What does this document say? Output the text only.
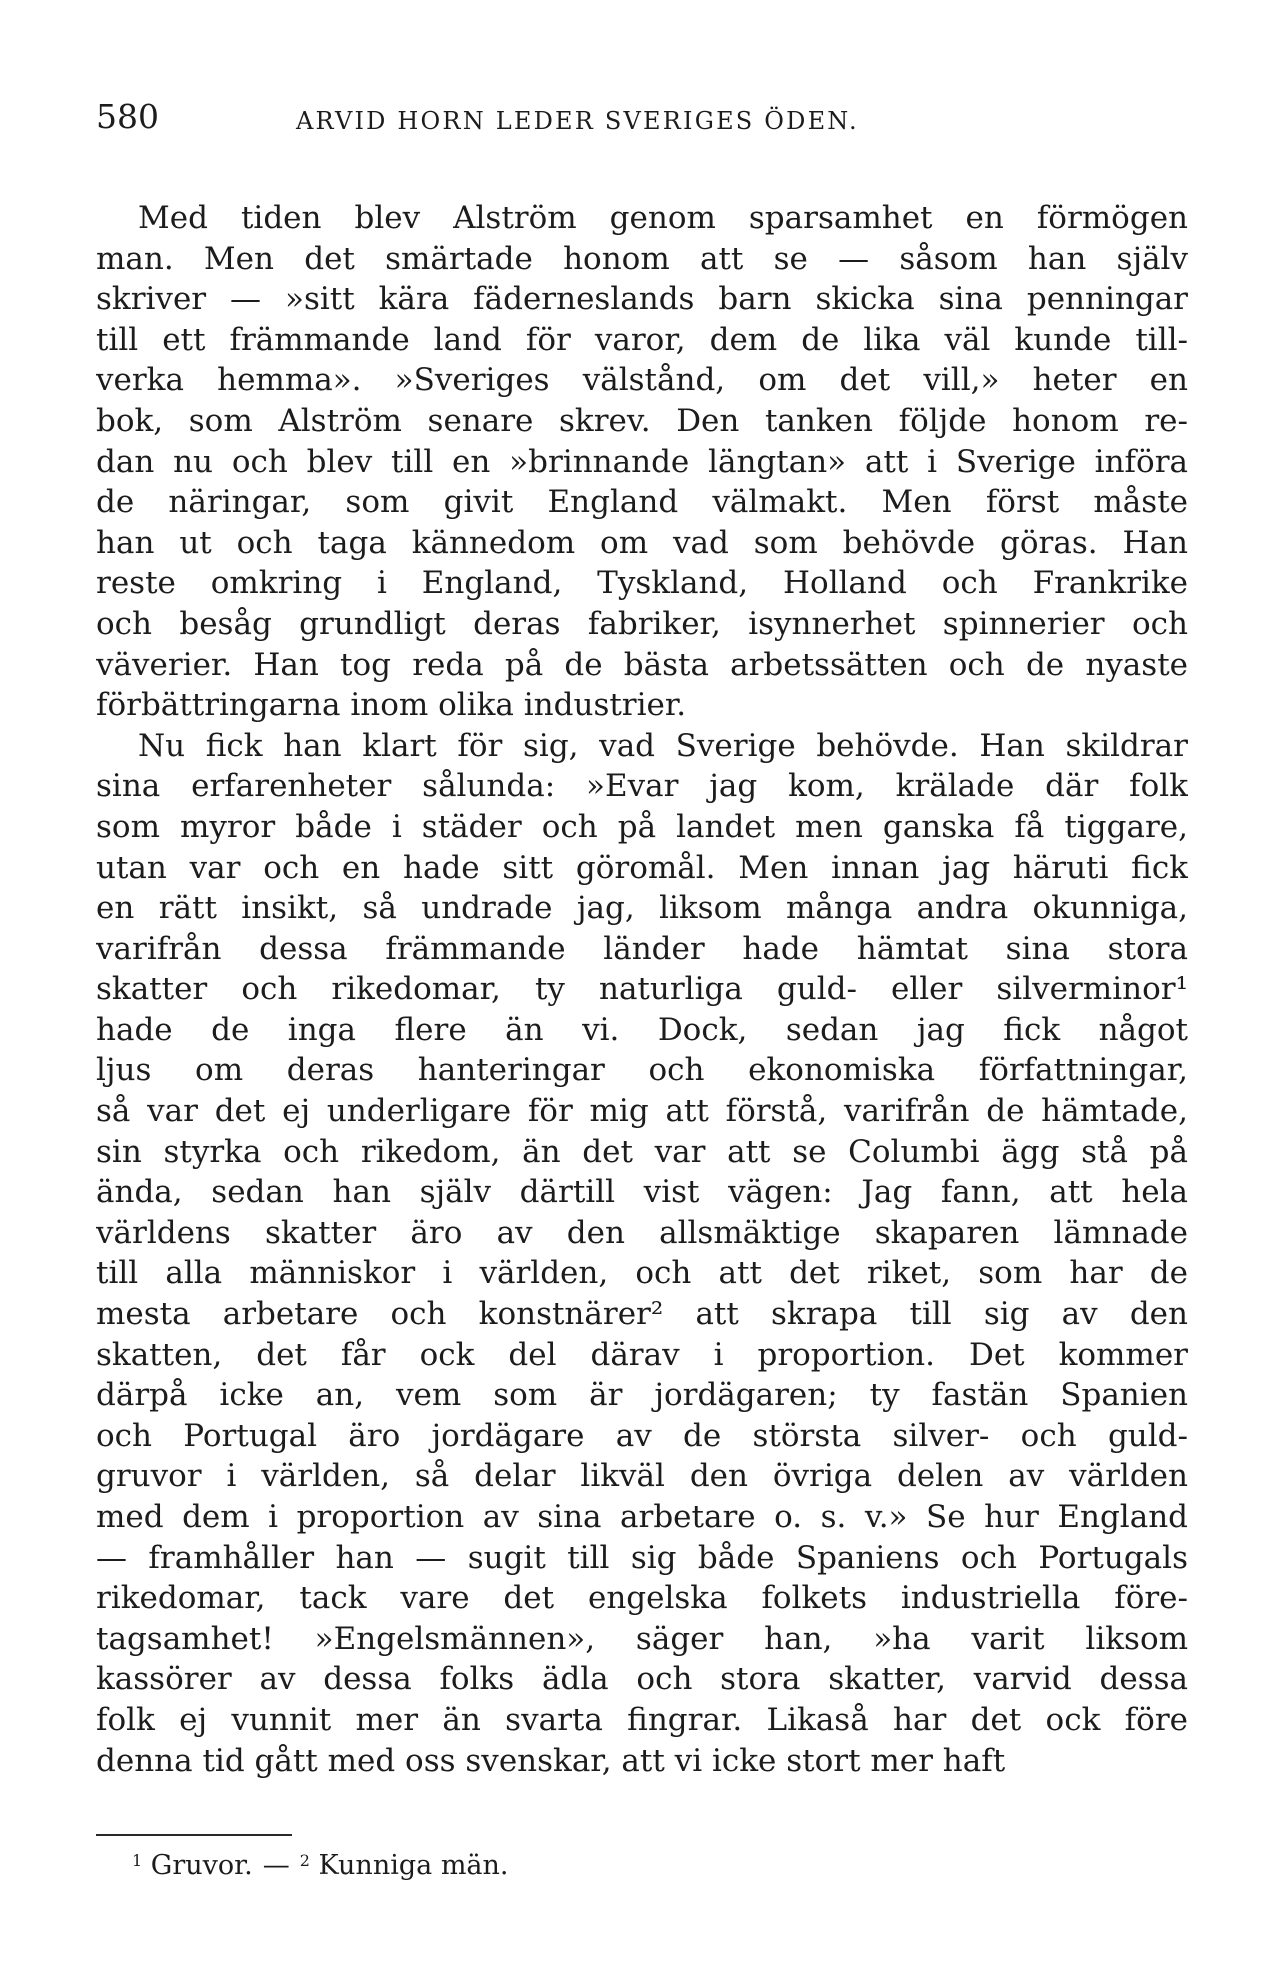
580	ARVID HORN LEDER SVERIGES ÖDEN.
Med tiden blev Alström genom sparsamhet en förmögen
man. Men det smärtade honom att se — såsom han själv
skriver — »sitt kära fäderneslands barn skicka sina penningar
till ett främmande land för varor, dem de lika väl kunde till-
verka hemma». »Sveriges välstånd, om det vill,» heter en
bok, som Alström senare skrev. Den tanken följde honom re-
dan nu och blev till en »brinnande längtan» att i Sverige införa
de näringar, som givit England välmakt. Men först måste
han ut och taga kännedom om vad som behövde göras. Han
reste omkring i England, Tyskland, Holland och Frankrike
och besåg grundligt deras fabriker, isynnerhet spinnerier och
väverier. Han tog reda på de bästa arbetssätten och de nyaste
förbättringarna inom olika industrier.
Nu fick han klart för sig, vad Sverige behövde. Han skildrar
sina erfarenheter sålunda: »Evar jag kom, krälade där folk
som myror både i städer och på landet men ganska få tiggare,
utan var och en hade sitt göromål. Men innan jag häruti fick
en rätt insikt, så undrade jag, liksom många andra okunniga,
varifrån dessa främmande länder hade hämtat sina stora
skatter och rikedomar, ty naturliga guld- eller silverminor¹
hade de inga flere än vi. Dock, sedan jag fick något
ljus om deras hanteringar och ekonomiska författningar,
så var det ej underligare för mig att förstå, varifrån de hämtade,
sin styrka och rikedom, än det var att se Columbi ägg stå på
ända, sedan han själv därtill vist vägen: Jag fann, att hela
världens skatter äro av den allsmäktige skaparen lämnade
till alla människor i världen, och att det riket, som har de
mesta arbetare och konstnärer² att skrapa till sig av den
skatten, det får ock del därav i proportion. Det kommer
därpå icke an, vem som är jordägaren; ty fastän Spanien
och Portugal äro jordägare av de största silver- och guld-
gruvor i världen, så delar likväl den övriga delen av världen
med dem i proportion av sina arbetare o. s. v.» Se hur England
— framhåller han — sugit till sig både Spaniens och Portugals
rikedomar, tack vare det engelska folkets industriella före-
tagsamhet! »Engelsmännen», säger han, »ha varit liksom
kassörer av dessa folks ädla och stora skatter, varvid dessa
folk ej vunnit mer än svarta fingrar. Likaså har det ock före
denna tid gått med oss svenskar, att vi icke stort mer haft
$^1$ Gruvor. — $^2$ Kunniga män.
